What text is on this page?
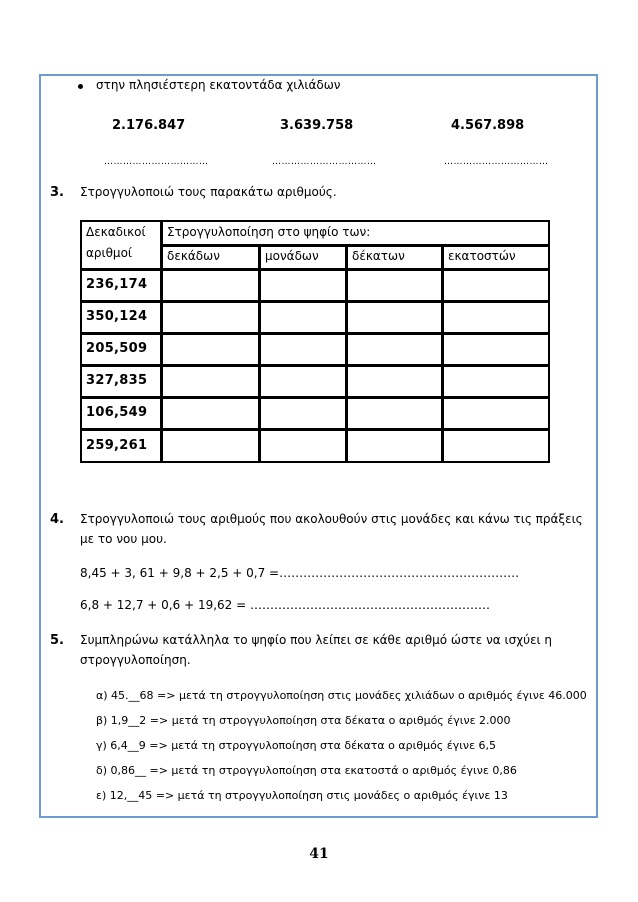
στην πλησιέστερη εκατοντάδα χιλιάδων
2.176.847	3.639.758	4.567.898
……………………………	……………………………	……………………………
3. Στρογγυλοποιώ τους παρακάτω αριθμούς.
Δεκαδικοί
αριθμοί
Στρογγυλοποίηση στο ψηφίο των:
δεκάδων	μονάδων	δέκατων	εκατοστών
236,174
350,124
205,509
327,835
106,549
259,261
4. Στρογγυλοποιώ τους αριθμούς που ακολουθούν στις μονάδες και κάνω τις πράξεις
με το νου μου.
8,45 + 3, 61 + 9,8 + 2,5 + 0,7 =……………………………………………………
6,8 + 12,7 + 0,6 + 19,62 = ……………………………………………………
5. Συμπληρώνω κατάλληλα το ψηφίο που λείπει σε κάθε αριθμό ώστε να ισχύει η
στρογγυλοποίηση.
α) 45.__68 => μετά τη στρογγυλοποίηση στις μονάδες χιλιάδων ο αριθμός έγινε 46.000
β) 1,9__2 => μετά τη στρογγυλοποίηση στα δέκατα ο αριθμός έγινε 2.000
γ) 6,4__9 => μετά τη στρογγυλοποίηση στα δέκατα ο αριθμός έγινε 6,5
δ) 0,86__ => μετά τη στρογγυλοποίηση στα εκατοστά ο αριθμός έγινε 0,86
ε) 12,__45 => μετά τη στρογγυλοποίηση στις μονάδες ο αριθμός έγινε 13
41
